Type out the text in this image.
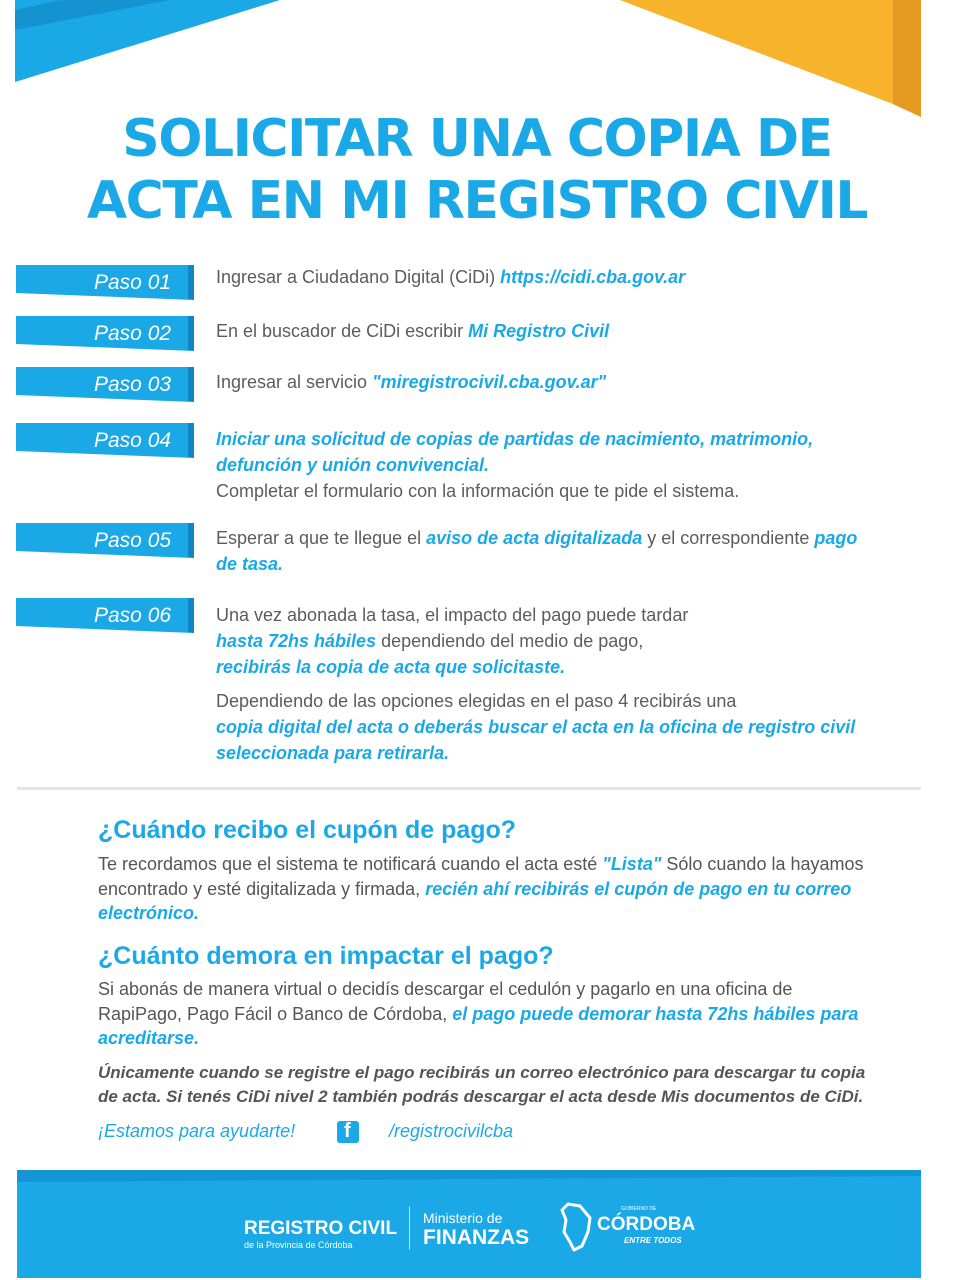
SOLICITAR UNA COPIA DE
ACTA EN MI REGISTRO CIVIL
Paso 01 Ingresar a Ciudadano Digital (CiDi) https://cidi.cba.gov.ar
Paso 02 En el buscador de CiDi escribir Mi Registro Civil
Paso 03 Ingresar al servicio "miregistrocivil.cba.gov.ar"
Paso 04 Iniciar una solicitud de copias de partidas de nacimiento, matrimonio, defunción y unión convivencial.
Completar el formulario con la información que te pide el sistema.
Paso 05 Esperar a que te llegue el aviso de acta digitalizada y el correspondiente pago de tasa.
Paso 06 Una vez abonada la tasa, el impacto del pago puede tardar
hasta 72hs hábiles dependiendo del medio de pago,
recibirás la copia de acta que solicitaste.
Dependiendo de las opciones elegidas en el paso 4 recibirás una
copia digital del acta o deberás buscar el acta en la oficina de registro civil seleccionada para retirarla.
¿Cuándo recibo el cupón de pago?
Te recordamos que el sistema te notificará cuando el acta esté "Lista" Sólo cuando la hayamos encontrado y esté digitalizada y firmada, recién ahí recibirás el cupón de pago en tu correo electrónico.
¿Cuánto demora en impactar el pago?
Si abonás de manera virtual o decidís descargar el cedulón y pagarlo en una oficina de RapiPago, Pago Fácil o Banco de Córdoba, el pago puede demorar hasta 72hs hábiles para acreditarse.
Únicamente cuando se registre el pago recibirás un correo electrónico para descargar tu copia de acta. Si tenés CiDi nivel 2 también podrás descargar el acta desde Mis documentos de CiDi.
¡Estamos para ayudarte! f /registrocivilcba
REGISTRO CIVIL
de la Provincia de Córdoba
Ministerio de
FINANZAS
GOBIERNO DE
CÓRDOBA
ENTRE TODOS
